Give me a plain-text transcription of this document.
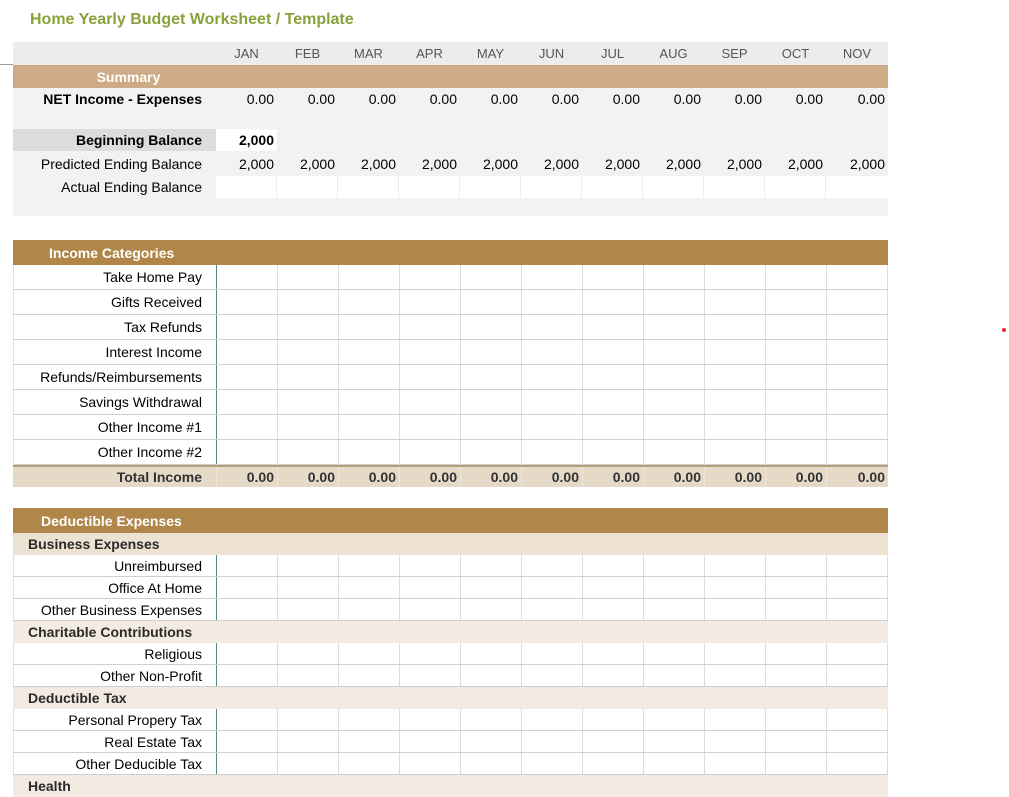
Home Yearly Budget Worksheet / Template
JAN	FEB	MAR	APR	MAY	JUN	JUL	AUG	SEP	OCT	NOV
Summary
NET Income - Expenses	0.00	0.00	0.00	0.00	0.00	0.00	0.00	0.00	0.00	0.00	0.00
Beginning Balance	2,000
Predicted Ending Balance	2,000	2,000	2,000	2,000	2,000	2,000	2,000	2,000	2,000	2,000	2,000
Actual Ending Balance
Income Categories
Take Home Pay
Gifts Received
Tax Refunds
Interest Income
Refunds/Reimbursements
Savings Withdrawal
Other Income #1
Other Income #2
Total Income	0.00	0.00	0.00	0.00	0.00	0.00	0.00	0.00	0.00	0.00	0.00
Deductible Expenses
Business Expenses
Unreimbursed
Office At Home
Other Business Expenses
Charitable Contributions
Religious
Other Non-Profit
Deductible Tax
Personal Propery Tax
Real Estate Tax
Other Deducible Tax
Health
